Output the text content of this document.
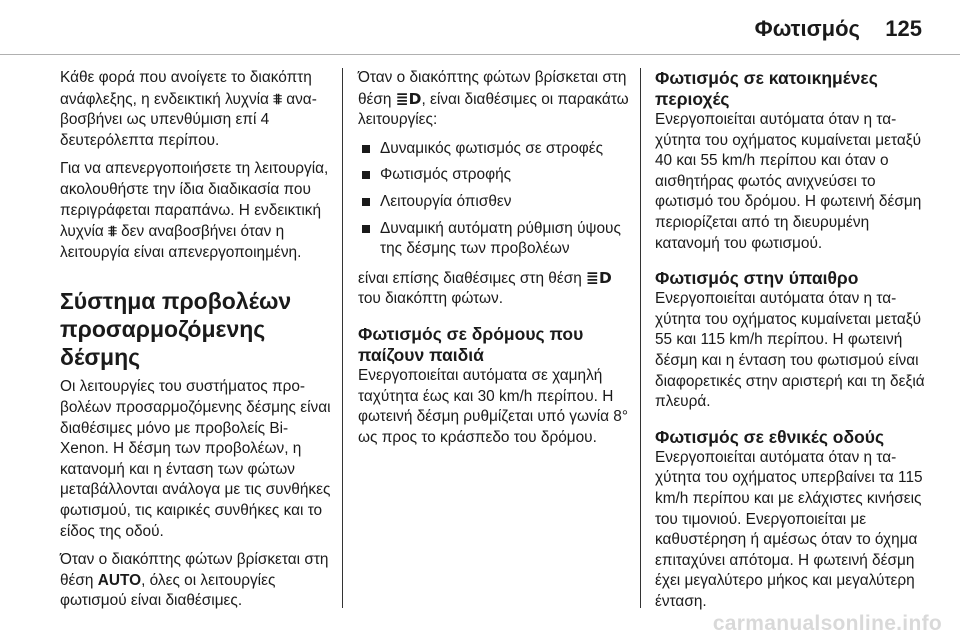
Φωτισμός 125

Κάθε φορά που ανοίγετε το διακόπτη ανάφλεξης, η ενδεικτική λυχνία ⩨ αναβοσβήνει ως υπενθύμιση επί 4 δευτερόλεπτα περίπου.

Για να απενεργοποιήσετε τη λειτουργία, ακολουθήστε την ίδια διαδικασία που περιγράφεται παραπάνω. Η ενδεικτική λυχνία ⩨ δεν αναβοσβήνει όταν η λειτουργία είναι απενεργοποιημένη.

Σύστημα προβολέων προσαρμοζόμενης δέσμης

Οι λειτουργίες του συστήματος προβολέων προσαρμοζόμενης δέσμης είναι διαθέσιμες μόνο με προβολείς Bi-Xenon. Η δέσμη των προβολέων, η κατανομή και η ένταση των φώτων μεταβάλλονται ανάλογα με τις συνθήκες φωτισμού, τις καιρικές συνθήκες και το είδος της οδού.

Όταν ο διακόπτης φώτων βρίσκεται στη θέση AUTO, όλες οι λειτουργίες φωτισμού είναι διαθέσιμες.

Όταν ο διακόπτης φώτων βρίσκεται στη θέση ≣D, είναι διαθέσιμες οι παρακάτω λειτουργίες:

Δυναμικός φωτισμός σε στροφές
Φωτισμός στροφής
Λειτουργία όπισθεν
Δυναμική αυτόματη ρύθμιση ύψους της δέσμης των προβολέων

είναι επίσης διαθέσιμες στη θέση ≣D του διακόπτη φώτων.

Φωτισμός σε δρόμους που παίζουν παιδιά

Ενεργοποιείται αυτόματα σε χαμηλή ταχύτητα έως και 30 km/h περίπου. Η φωτεινή δέσμη ρυθμίζεται υπό γωνία 8° ως προς το κράσπεδο του δρόμου.

Φωτισμός σε κατοικημένες περιοχές

Ενεργοποιείται αυτόματα όταν η ταχύτητα του οχήματος κυμαίνεται μεταξύ 40 και 55 km/h περίπου και όταν ο αισθητήρας φωτός ανιχνεύσει το φωτισμό του δρόμου. Η φωτεινή δέσμη περιορίζεται από τη διευρυμένη κατανομή του φωτισμού.

Φωτισμός στην ύπαιθρο

Ενεργοποιείται αυτόματα όταν η ταχύτητα του οχήματος κυμαίνεται μεταξύ 55 και 115 km/h περίπου. Η φωτεινή δέσμη και η ένταση του φωτισμού είναι διαφορετικές στην αριστερή και τη δεξιά πλευρά.

Φωτισμός σε εθνικές οδούς

Ενεργοποιείται αυτόματα όταν η ταχύτητα του οχήματος υπερβαίνει τα 115 km/h περίπου και με ελάχιστες κινήσεις του τιμονιού. Ενεργοποιείται με καθυστέρηση ή αμέσως όταν το όχημα επιταχύνει απότομα. Η φωτεινή δέσμη έχει μεγαλύτερο μήκος και μεγαλύτερη ένταση.

carmanualsonline.info
